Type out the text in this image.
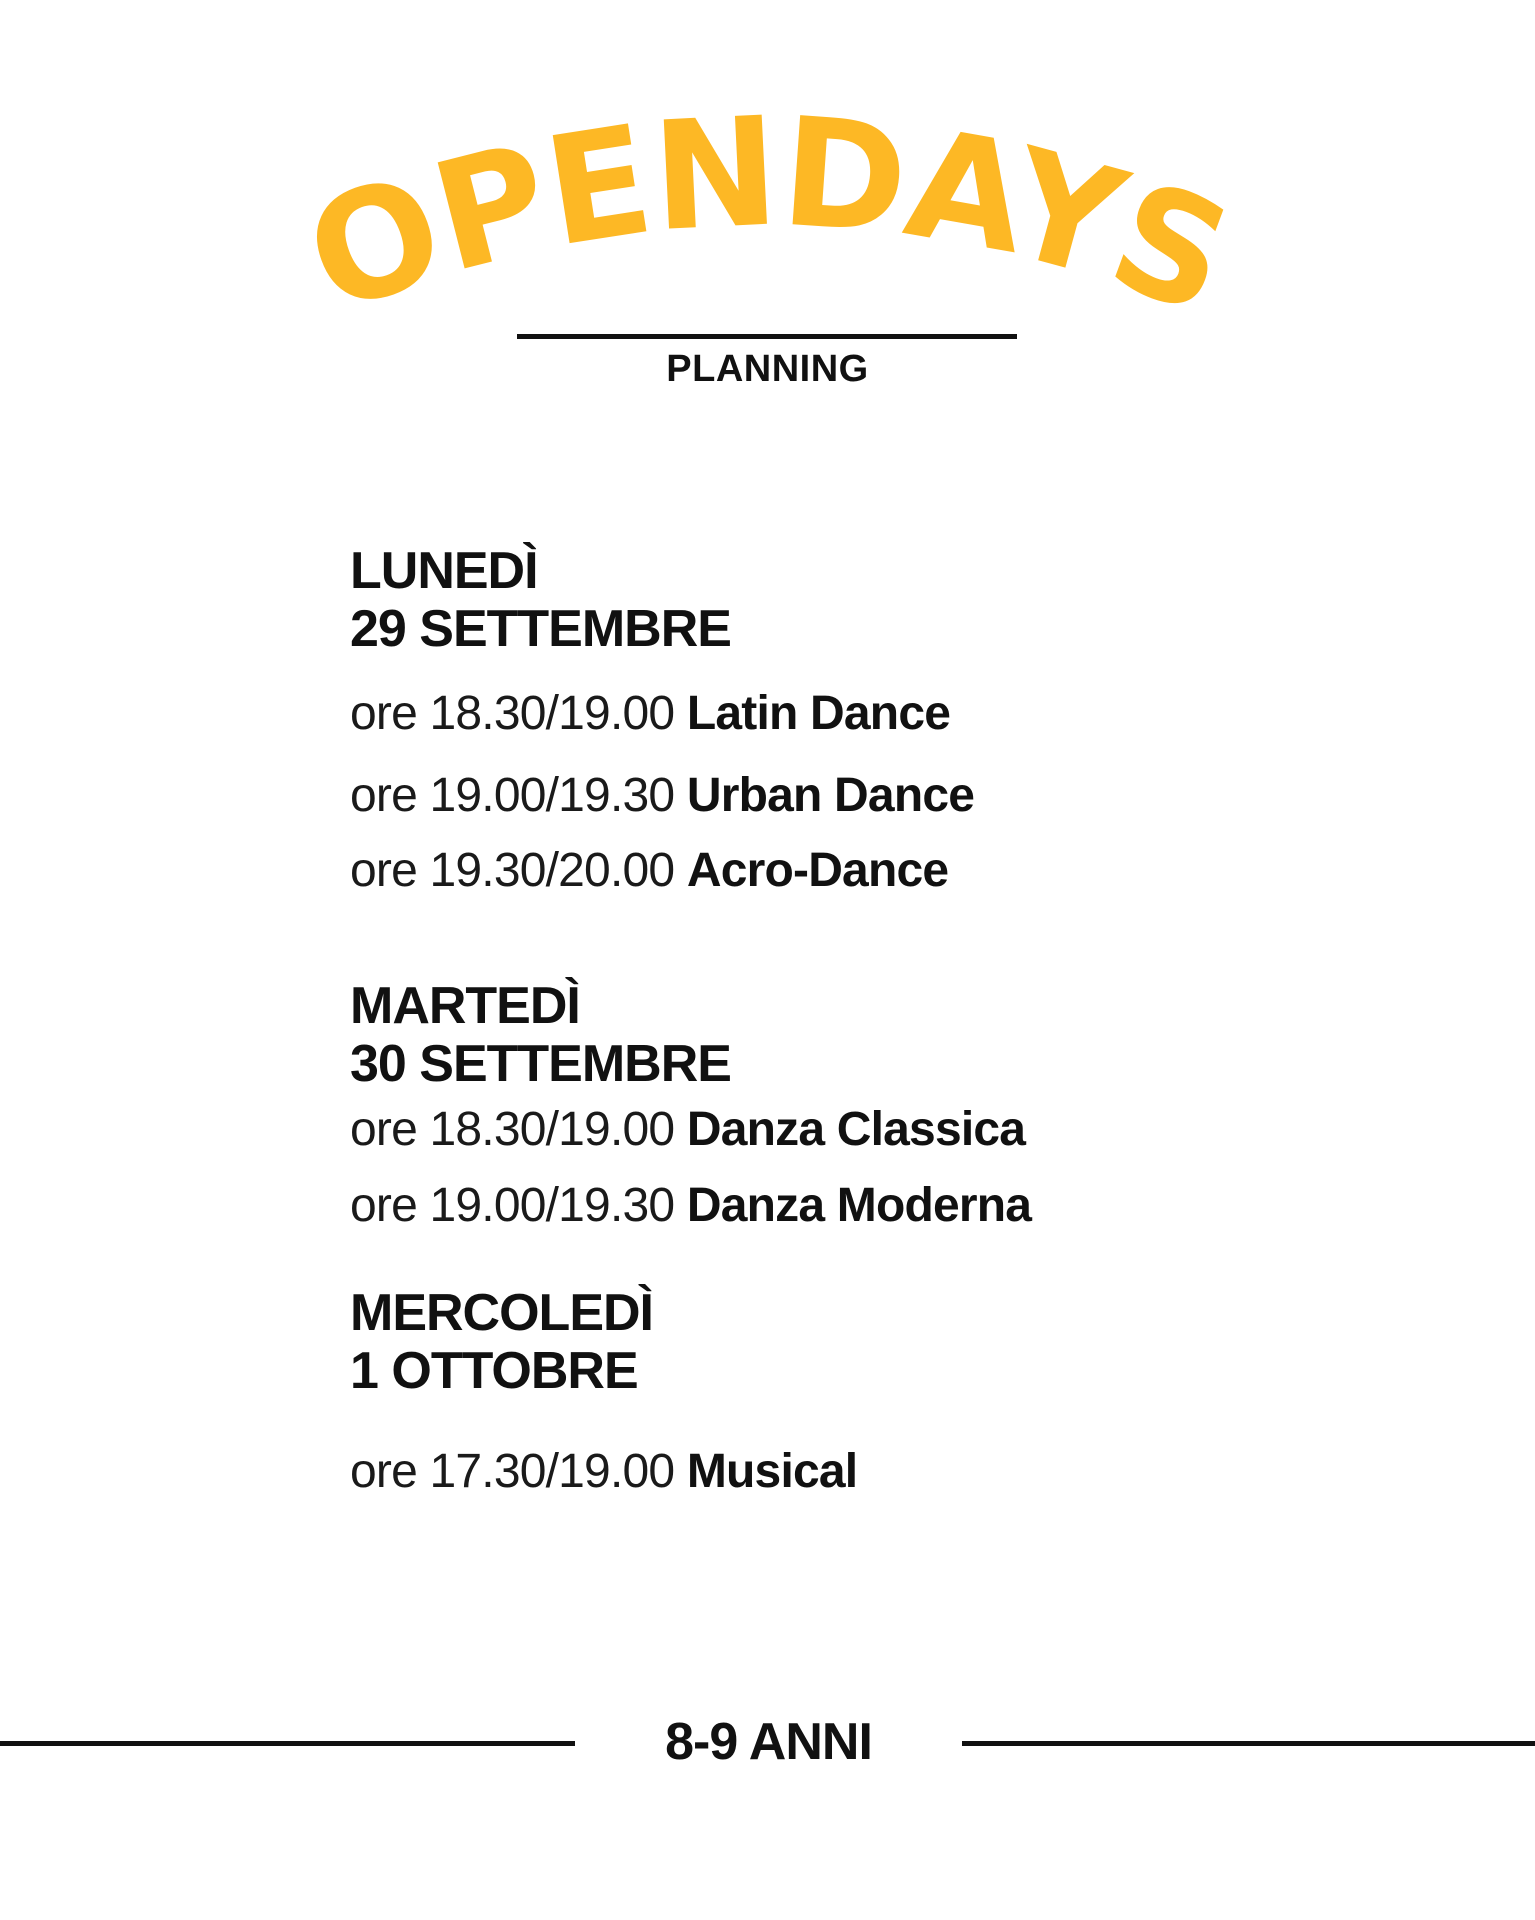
OPENDAYS
PLANNING
LUNEDÌ
29 SETTEMBRE
ore 18.30/19.00 Latin Dance
ore 19.00/19.30 Urban Dance
ore 19.30/20.00 Acro-Dance
MARTEDÌ
30 SETTEMBRE
ore 18.30/19.00 Danza Classica
ore 19.00/19.30 Danza Moderna
MERCOLEDÌ
1 OTTOBRE
ore 17.30/19.00 Musical
8-9 ANNI
